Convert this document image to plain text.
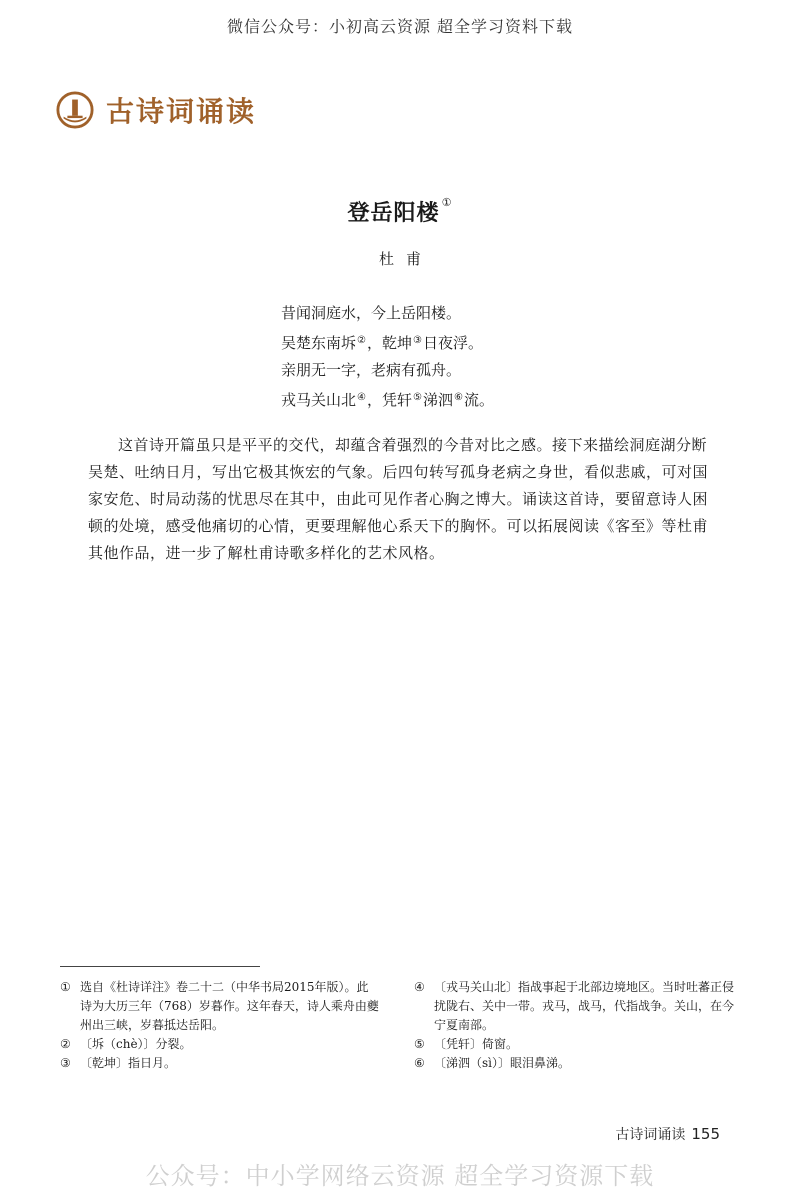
微信公众号：小初高云资源 超全学习资料下载
古诗词诵读
登岳阳楼 ①
杜甫
昔闻洞庭水，今上岳阳楼。
吴楚东南坼②，乾坤③日夜浮。
亲朋无一字，老病有孤舟。
戎马关山北④，凭轩⑤涕泗⑥流。
这首诗开篇虽只是平平的交代，却蕴含着强烈的今昔对比之感。接下来描绘洞庭湖分断吴楚、吐纳日月，写出它极其恢宏的气象。后四句转写孤身老病之身世，看似悲戚，可对国家安危、时局动荡的忧思尽在其中，由此可见作者心胸之博大。诵读这首诗，要留意诗人困顿的处境，感受他痛切的心情，更要理解他心系天下的胸怀。可以拓展阅读《客至》等杜甫其他作品，进一步了解杜甫诗歌多样化的艺术风格。
① 选自《杜诗详注》卷二十二（中华书局2015年版）。此诗为大历三年（768）岁暮作。这年春天，诗人乘舟由夔州出三峡，岁暮抵达岳阳。
② 〔坼（chè）〕分裂。
③ 〔乾坤〕指日月。
④ 〔戎马关山北〕指战事起于北部边境地区。当时吐蕃正侵扰陇右、关中一带。戎马，战马，代指战争。关山，在今宁夏南部。
⑤ 〔凭轩〕倚窗。
⑥ 〔涕泗（sì）〕眼泪鼻涕。
古诗词诵读 155
公众号：中小学网络云资源 超全学习资源下载
